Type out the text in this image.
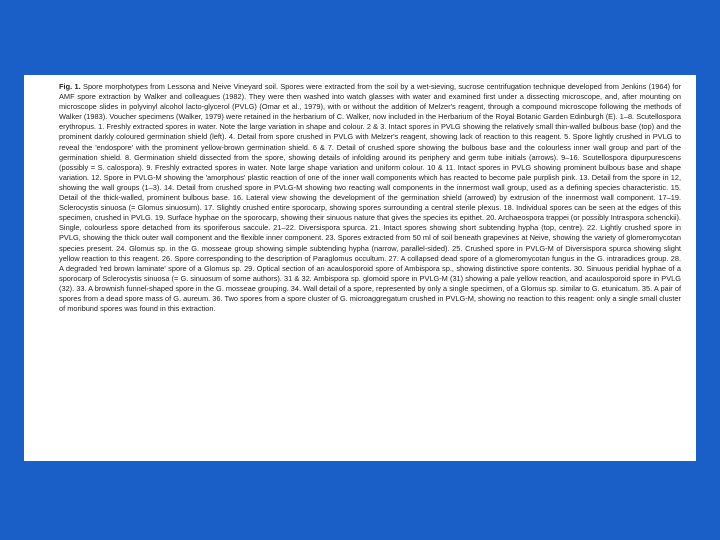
Fig. 1. Spore morphotypes from Lessona and Neive Vineyard soil. Spores were extracted from the soil by a wet-sieving, sucrose centrifugation technique developed from Jenkins (1964) for AMF spore extraction by Walker and colleagues (1982). They were then washed into watch glasses with water and examined first under a dissecting microscope, and, after mounting on microscope slides in polyvinyl alcohol lacto-glycerol (PVLG) (Omar et al., 1979), with or without the addition of Melzer's reagent, through a compound microscope following the methods of Walker (1983). Voucher specimens (Walker, 1979) were retained in the herbarium of C. Walker, now included in the Herbarium of the Royal Botanic Garden Edinburgh (E). 1–8. Scutellospora erythropus. 1. Freshly extracted spores in water. Note the large variation in shape and colour. 2 & 3. Intact spores in PVLG showing the relatively small thin-walled bulbous base (top) and the prominent darkly coloured germination shield (left). 4. Detail from spore crushed in PVLG with Melzer's reagent, showing lack of reaction to this reagent. 5. Spore lightly crushed in PVLG to reveal the 'endospore' with the prominent yellow-brown germination shield. 6 & 7. Detail of crushed spore showing the bulbous base and the colourless inner wall group and part of the germination shield. 8. Germination shield dissected from the spore, showing details of infolding around its periphery and germ tube initials (arrows). 9–16. Scutellospora dipurpurescens (possibly = S. calospora). 9. Freshly extracted spores in water. Note large shape variation and uniform colour. 10 & 11. Intact spores in PVLG showing prominent bulbous base and shape variation. 12. Spore in PVLG-M showing the 'amorphous' plastic reaction of one of the inner wall components which has reacted to become pale purplish pink. 13. Detail from the spore in 12, showing the wall groups (1–3). 14. Detail from crushed spore in PVLG-M showing two reacting wall components in the innermost wall group, used as a defining species characteristic. 15. Detail of the thick-walled, prominent bulbous base. 16. Lateral view showing the development of the germination shield (arrowed) by extrusion of the innermost wall component. 17–19. Sclerocystis sinuosa (= Glomus sinuosum). 17. Slightly crushed entire sporocarp, showing spores surrounding a central sterile plexus. 18. Individual spores can be seen at the edges of this specimen, crushed in PVLG. 19. Surface hyphae on the sporocarp, showing their sinuous nature that gives the species its epithet. 20. Archaeospora trappei (or possibly Intraspora schenckii). Single, colourless spore detached from its sporiferous saccule. 21–22. Diversispora spurca. 21. Intact spores showing short subtending hypha (top, centre). 22. Lightly crushed spore in PVLG, showing the thick outer wall component and the flexible inner component. 23. Spores extracted from 50 ml of soil beneath grapevines at Neive, showing the variety of glomeromycotan species present. 24. Glomus sp. in the G. mosseae group showing simple subtending hypha (narrow, parallel-sided). 25. Crushed spore in PVLG-M of Diversispora spurca showing slight yellow reaction to this reagent. 26. Spore corresponding to the description of Paraglomus occultum. 27. A collapsed dead spore of a glomeromycotan fungus in the G. intraradices group. 28. A degraded 'red brown laminate' spore of a Glomus sp. 29. Optical section of an acaulosporoid spore of Ambispora sp., showing distinctive spore contents. 30. Sinuous peridial hyphae of a sporocarp of Sclerocystis sinuosa (= G. sinuosum of some authors). 31 & 32. Ambispora sp. glomoid spore in PVLG-M (31) showing a pale yellow reaction, and acaulosporoid spore in PVLG (32). 33. A brownish funnel-shaped spore in the G. mosseae grouping. 34. Wall detail of a spore, represented by only a single specimen, of a Glomus sp. similar to G. etunicatum. 35. A pair of spores from a dead spore mass of G. aureum. 36. Two spores from a spore cluster of G. microaggregatum crushed in PVLG-M, showing no reaction to this reagent: only a single small cluster of moribund spores was found in this extraction.
